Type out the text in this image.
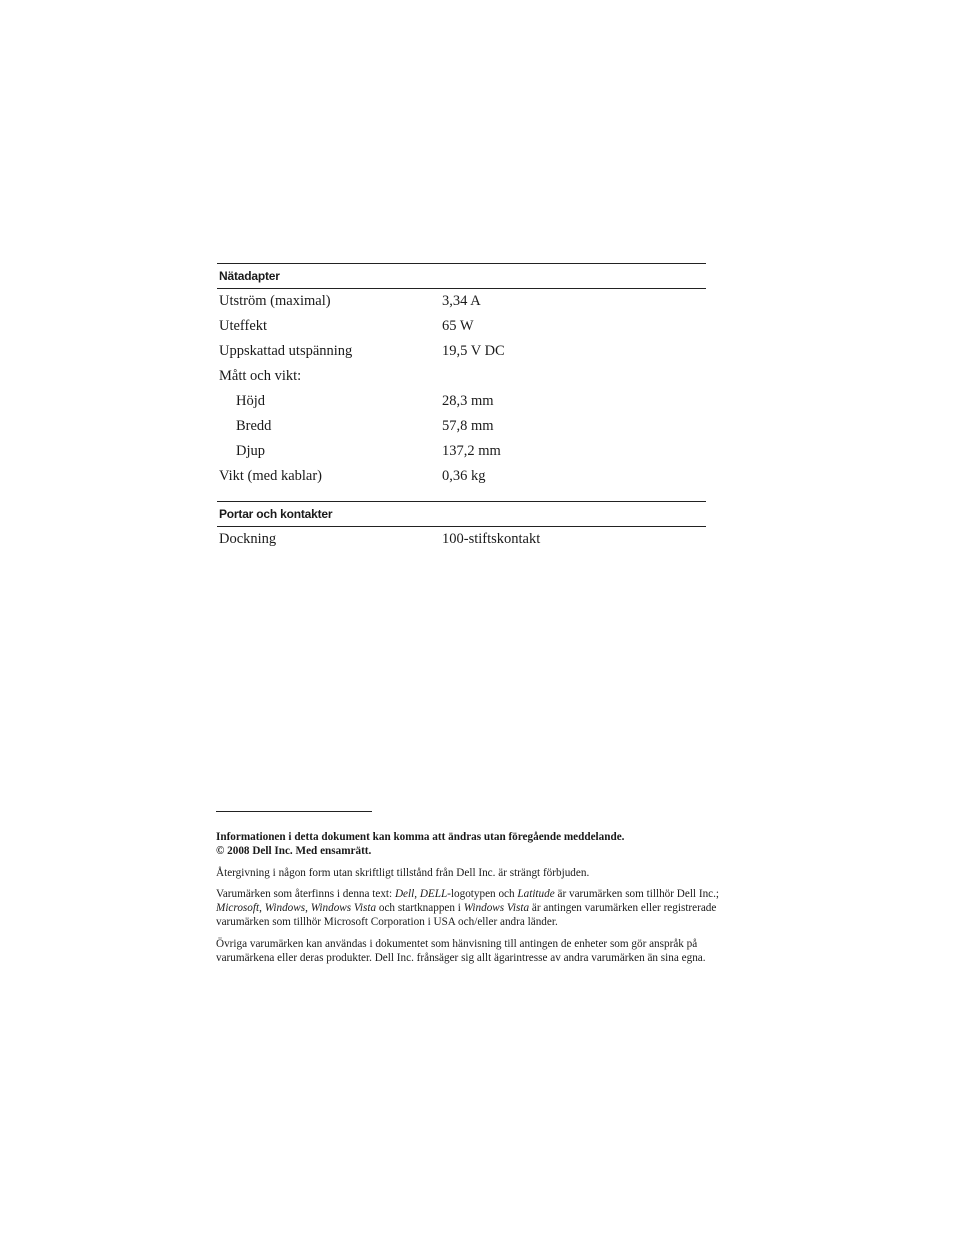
Nätadapter
Utström (maximal)	3,34 A
Uteffekt	65 W
Uppskattad utspänning	19,5 V DC
Mått och vikt:
Höjd	28,3 mm
Bredd	57,8 mm
Djup	137,2 mm
Vikt (med kablar)	0,36 kg
Portar och kontakter
Dockning	100-stiftskontakt

Informationen i detta dokument kan komma att ändras utan föregående meddelande.

© 2008 Dell Inc. Med ensamrätt.

Återgivning i någon form utan skriftligt tillstånd från Dell Inc. är strängt förbjuden.

Varumärken som återfinns i denna text: Dell, DELL-logotypen och Latitude är varumärken som tillhör Dell Inc.; Microsoft, Windows, Windows Vista och startknappen i Windows Vista är antingen varumärken eller registrerade varumärken som tillhör Microsoft Corporation i USA och/eller andra länder.

Övriga varumärken kan användas i dokumentet som hänvisning till antingen de enheter som gör anspråk på varumärkena eller deras produkter. Dell Inc. frånsäger sig allt ägarintresse av andra varumärken än sina egna.
